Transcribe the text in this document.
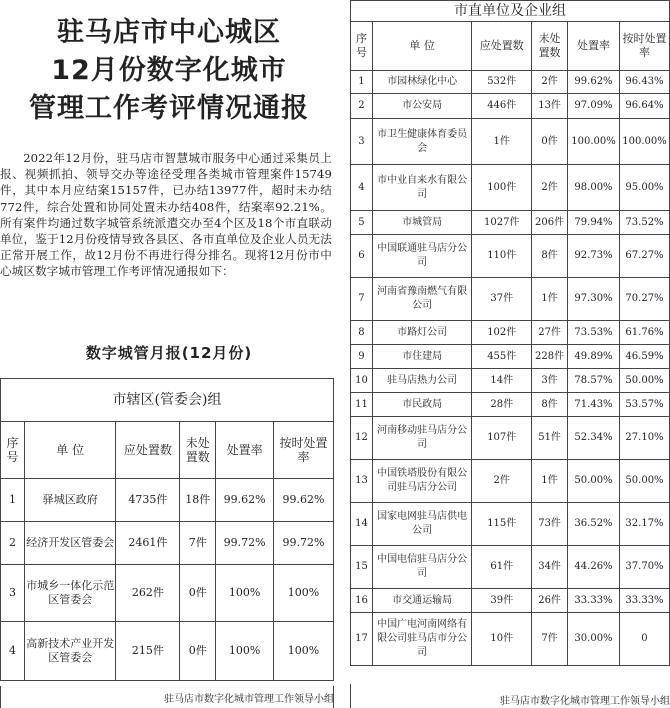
驻马店市中心城区
12月份数字化城市
管理工作考评情况通报
2022年12月份，驻马店市智慧城市服务中心通过采集员上报、视频抓拍、领导交办等途径受理各类城市管理案件15749件，其中本月应结案15157件，已办结13977件，超时未办结772件，综合处置和协同处置未办结408件，结案率92.21%。所有案件均通过数字城管系统派遣交办至4个区及18个市直联动单位，鉴于12月份疫情导致各县区、各市直单位及企业人员无法正常开展工作，故12月份不再进行得分排名。现将12月份市中心城区数字城市管理工作考评情况通报如下：
数字城管月报(12月份)
市辖区(管委会)组					
序号	单 位	应处置数	未处置数	处置率	按时处置率
1	驿城区政府	4735件	18件	99.62%	99.62%
2	经济开发区管委会	2461件	7件	99.72%	99.72%
3	市城乡一体化示范区管委会	262件	0件	100%	100%
4	高新技术产业开发区管委会	215件	0件	100%	100%
驻马店市数字化城市管理工作领导小组
市直单位及企业组					
序号	单 位	应处置数	未处置数	处置率	按时处置率
1	市园林绿化中心	532件	2件	99.62%	96.43%
2	市公安局	446件	13件	97.09%	96.64%
3	市卫生健康体育委员会	1件	0件	100.00%	100.00%
4	市中业自来水有限公司	100件	2件	98.00%	95.00%
5	市城管局	1027件	206件	79.94%	73.52%
6	中国联通驻马店分公司	110件	8件	92.73%	67.27%
7	河南省豫南燃气有限公司	37件	1件	97.30%	70.27%
8	市路灯公司	102件	27件	73.53%	61.76%
9	市住建局	455件	228件	49.89%	46.59%
10	驻马店热力公司	14件	3件	78.57%	50.00%
11	市民政局	28件	8件	71.43%	53.57%
12	河南移动驻马店分公司	107件	51件	52.34%	27.10%
13	中国铁塔股份有限公司驻马店分公司	2件	1件	50.00%	50.00%
14	国家电网驻马店供电公司	115件	73件	36.52%	32.17%
15	中国电信驻马店分公司	61件	34件	44.26%	37.70%
16	市交通运输局	39件	26件	33.33%	33.33%
17	中国广电河南网络有限公司驻马店市分公司	10件	7件	30.00%	0
驻马店市数字化城市管理工作领导小组
